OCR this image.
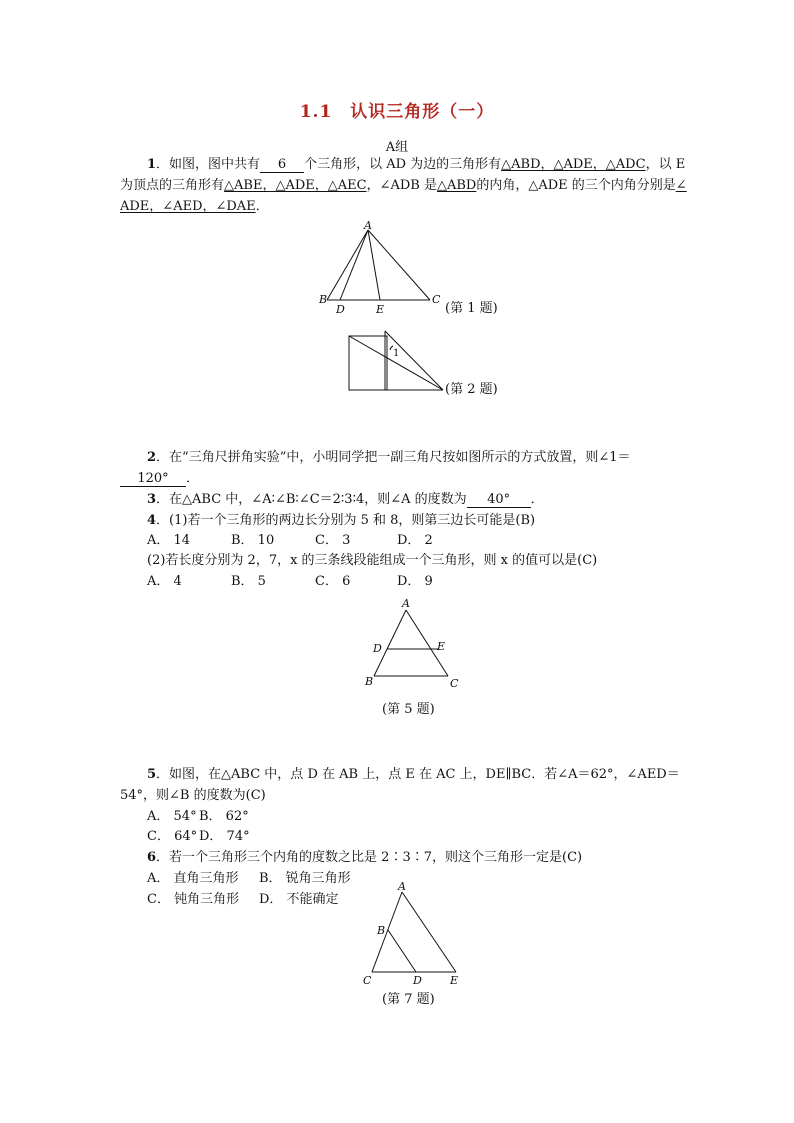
1.1　认识三角形（一）
A组
1．如图，图中共有 6 个三角形，以 AD 为边的三角形有△ABD，△ADE，△ADC，以 E
为顶点的三角形有△ABE，△ADE，△AEC，∠ADB 是△ABD的内角，△ADE 的三个内角分别是∠
ADE，∠AED，∠DAE．
A
B
D	E
C
(第 1 题)
1
(第 2 题)
2．在“三角尺拼角实验”中，小明同学把一副三角尺按如图所示的方式放置，则∠1＝
120° ．
3．在△ABC 中，∠A∶∠B∶∠C＝2∶3∶4，则∠A 的度数为 40° ．
4．(1)若一个三角形的两边长分别为 5 和 8，则第三边长可能是(B)
A． 14	B． 10	C． 3	D． 2
(2)若长度分别为 2，7，x 的三条线段能组成一个三角形，则 x 的值可以是(C)
A． 4	B． 5	C． 6	D． 9
A
D	E
B	C
(第 5 题)
5．如图，在△ABC 中，点 D 在 AB 上，点 E 在 AC 上，DE∥BC．若∠A＝62°，∠AED＝
54°，则∠B 的度数为(C)
A． 54° B． 62°
C． 64° D． 74°
6．若一个三角形三个内角的度数之比是 2∶3∶7，则这个三角形一定是(C)
A． 直角三角形 B． 锐角三角形
C． 钝角三角形 D． 不能确定
A
B
C	D	E
(第 7 题)
